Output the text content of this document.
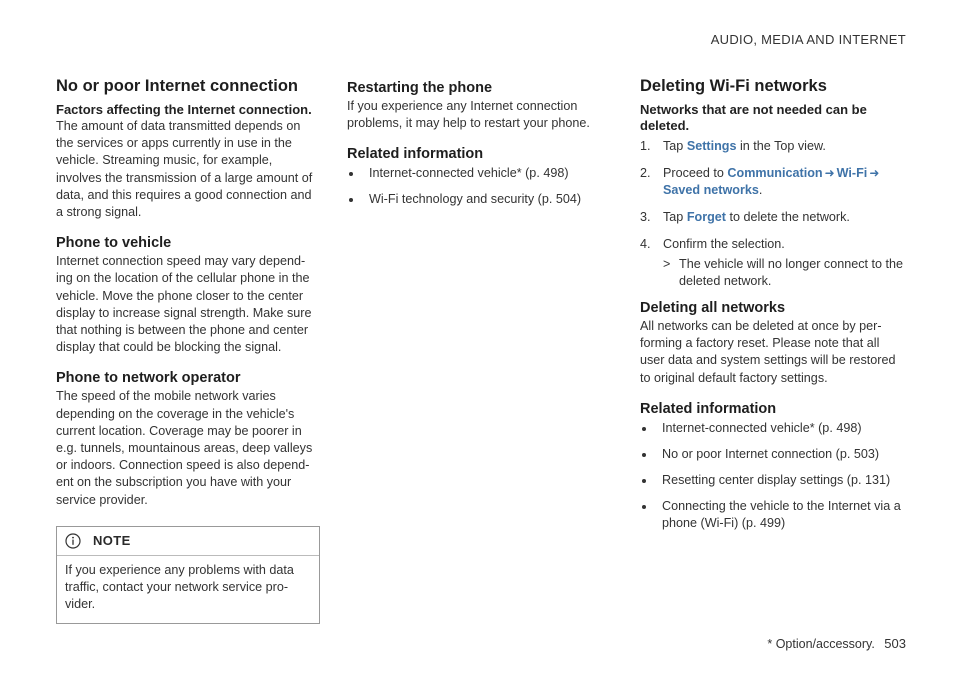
AUDIO, MEDIA AND INTERNET
No or poor Internet connection
Factors affecting the Internet connection.

The amount of data transmitted depends on the services or apps currently in use in the vehicle. Streaming music, for example, involves the transmission of a large amount of data, and this requires a good connection and a strong signal.

Phone to vehicle

Internet connection speed may vary depend-ing on the location of the cellular phone in the vehicle. Move the phone closer to the center display to increase signal strength. Make sure that nothing is between the phone and center display that could be blocking the signal.

Phone to network operator

The speed of the mobile network varies depending on the coverage in the vehicle's current location. Coverage may be poorer in e.g. tunnels, mountainous areas, deep valleys or indoors. Connection speed is also depend-ent on the subscription you have with your service provider.

NOTE

If you experience any problems with data traffic, contact your network service pro-vider.

Restarting the phone

If you experience any Internet connection problems, it may help to restart your phone.

Related information
Internet-connected vehicle* (p. 498)
Wi-Fi technology and security (p. 504)
Deleting Wi-Fi networks
Networks that are not needed can be deleted.
1. Tap Settings in the Top view.
2. Proceed to Communication ➜ Wi-Fi ➜ Saved networks.
3. Tap Forget to delete the network.
4. Confirm the selection.
> The vehicle will no longer connect to the deleted network.
Deleting all networks

All networks can be deleted at once by per-forming a factory reset. Please note that all user data and system settings will be restored to original default factory settings.

Related information
Internet-connected vehicle* (p. 498)
No or poor Internet connection (p. 503)
Resetting center display settings (p. 131)
Connecting the vehicle to the Internet via a phone (Wi-Fi) (p. 499)
* Option/accessory. 503
